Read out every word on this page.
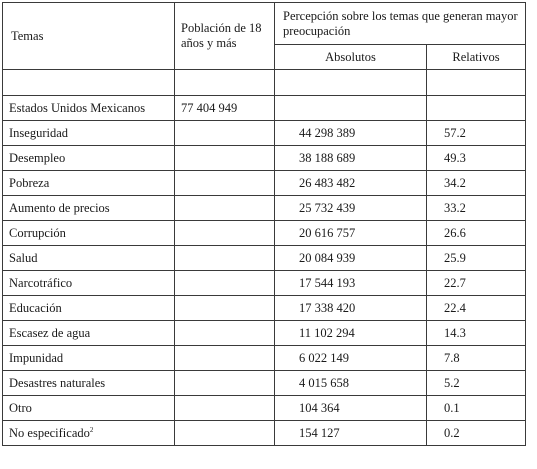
Temas	Población de 18 años y más	Percepción sobre los temas que generan mayor preocupación	
		Absolutos	Relativos

Estados Unidos Mexicanos	77 404 949		
Inseguridad		44 298 389	57.2
Desempleo		38 188 689	49.3
Pobreza		26 483 482	34.2
Aumento de precios		25 732 439	33.2
Corrupción		20 616 757	26.6
Salud		20 084 939	25.9
Narcotráfico		17 544 193	22.7
Educación		17 338 420	22.4
Escasez de agua		11 102 294	14.3
Impunidad		6 022 149	7.8
Desastres naturales		4 015 658	5.2
Otro		104 364	0.1
No especificado$^2$		154 127	0.2
